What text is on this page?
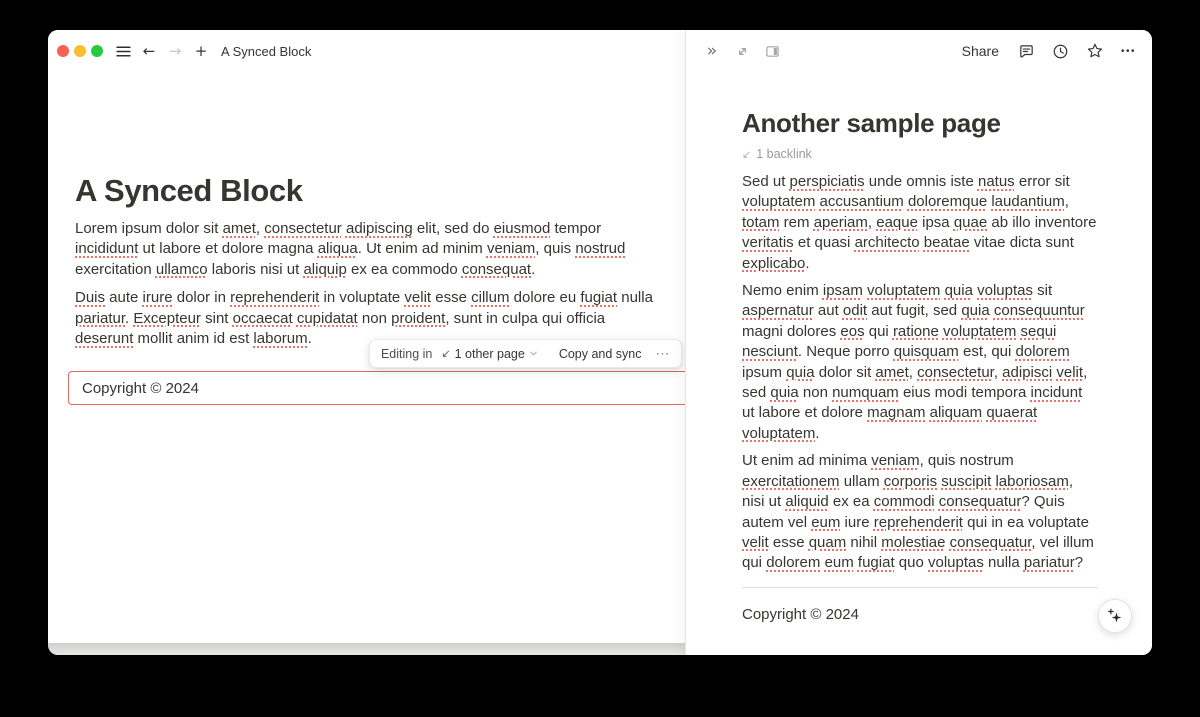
← → + A Synced Block
A Synced Block

Lorem ipsum dolor sit amet, consectetur adipiscing elit, sed do eiusmod tempor incididunt ut labore et dolore magna aliqua. Ut enim ad minim veniam, quis nostrud exercitation ullamco laboris nisi ut aliquip ex ea commodo consequat.

Duis aute irure dolor in reprehenderit in voluptate velit esse cillum dolore eu fugiat nulla pariatur. Excepteur sint occaecat cupidatat non proident, sunt in culpa qui officia deserunt mollit anim id est laborum.

Copyright © 2024
Editing in ↙ 1 other page	Copy and sync ⋯
»	Share	•••
Another sample page
↙ 1 backlink

Sed ut perspiciatis unde omnis iste natus error sit voluptatem accusantium doloremque laudantium, totam rem aperiam, eaque ipsa quae ab illo inventore veritatis et quasi architecto beatae vitae dicta sunt explicabo.

Nemo enim ipsam voluptatem quia voluptas sit aspernatur aut odit aut fugit, sed quia consequuntur magni dolores eos qui ratione voluptatem sequi nesciunt. Neque porro quisquam est, qui dolorem ipsum quia dolor sit amet, consectetur, adipisci velit, sed quia non numquam eius modi tempora incidunt ut labore et dolore magnam aliquam quaerat voluptatem.

Ut enim ad minima veniam, quis nostrum exercitationem ullam corporis suscipit laboriosam, nisi ut aliquid ex ea commodi consequatur? Quis autem vel eum iure reprehenderit qui in ea voluptate velit esse quam nihil molestiae consequatur, vel illum qui dolorem eum fugiat quo voluptas nulla pariatur?

Copyright © 2024
